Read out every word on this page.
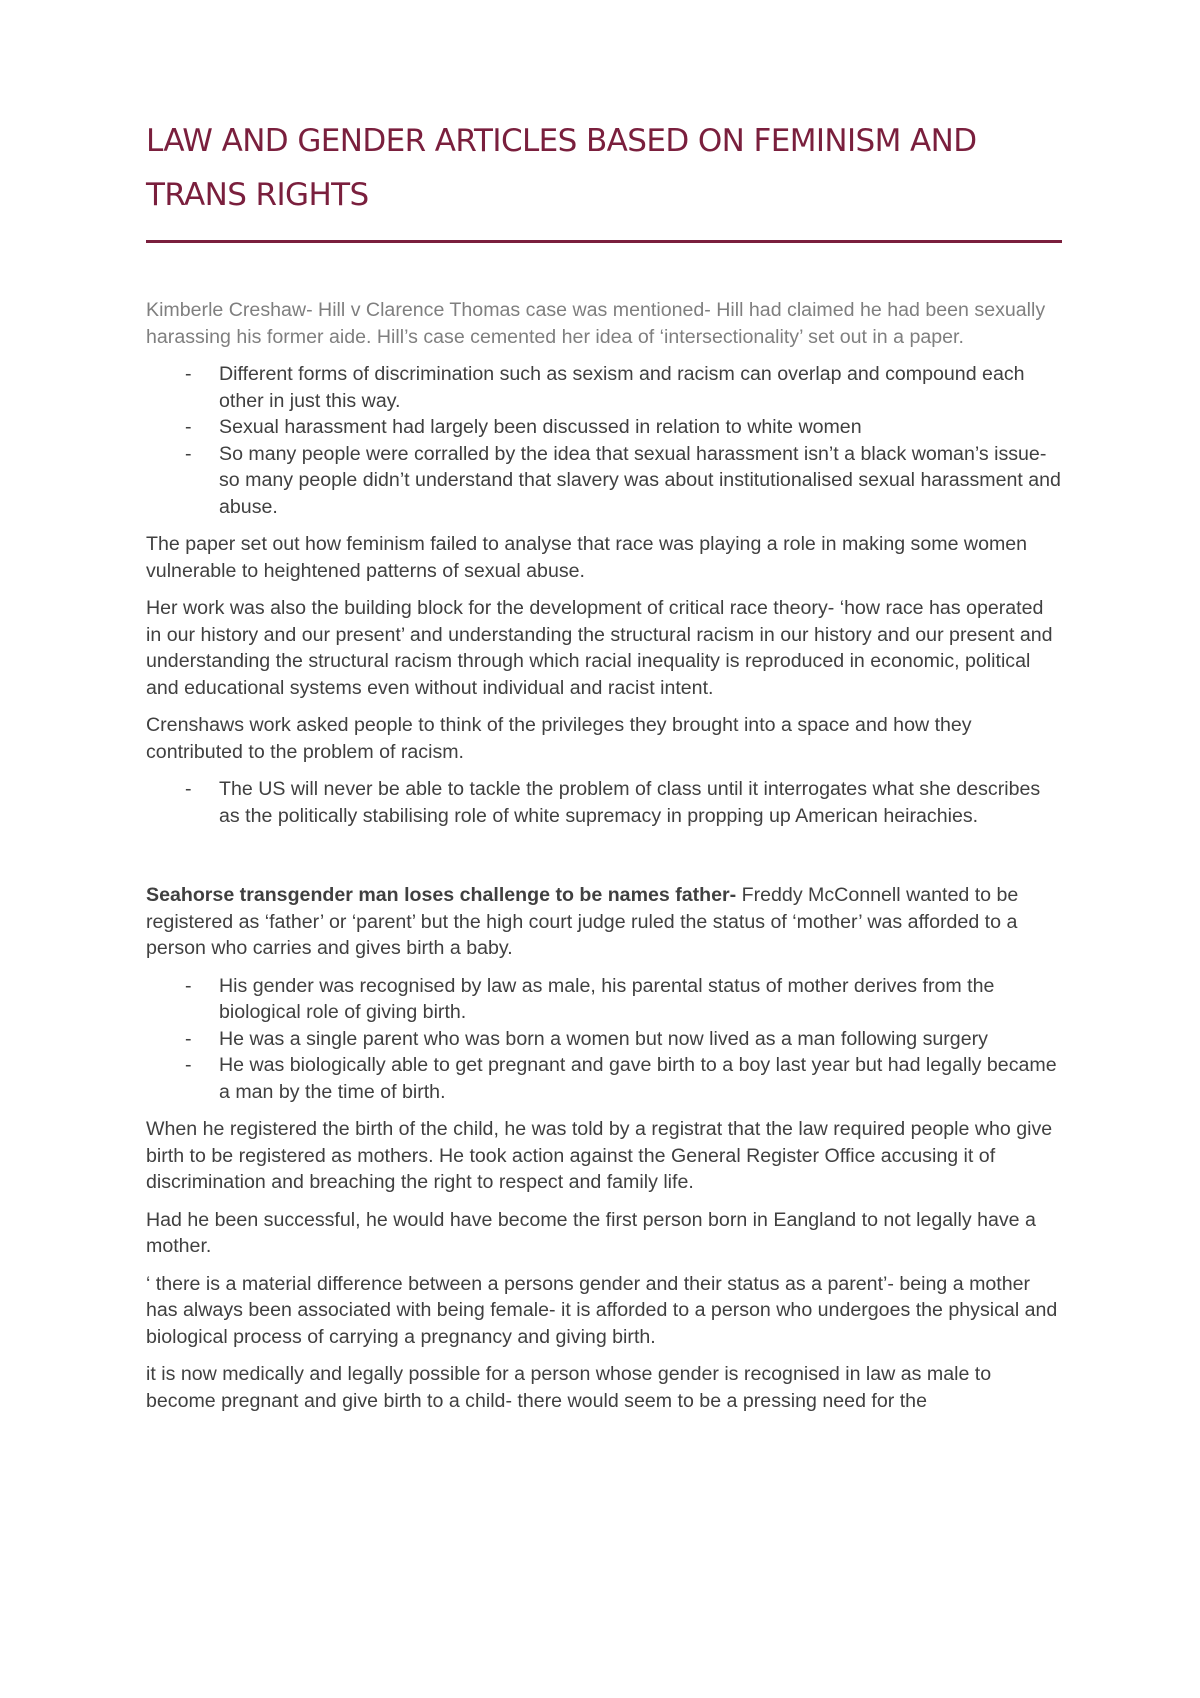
LAW AND GENDER ARTICLES BASED ON FEMINISM AND TRANS RIGHTS

Kimberle Creshaw- Hill v Clarence Thomas case was mentioned- Hill had claimed he had been sexually harassing his former aide. Hill’s case cemented her idea of ‘intersectionality’ set out in a paper.

- Different forms of discrimination such as sexism and racism can overlap and compound each other in just this way.
- Sexual harassment had largely been discussed in relation to white women
- So many people were corralled by the idea that sexual harassment isn’t a black woman’s issue- so many people didn’t understand that slavery was about institutionalised sexual harassment and abuse.

The paper set out how feminism failed to analyse that race was playing a role in making some women vulnerable to heightened patterns of sexual abuse.

Her work was also the building block for the development of critical race theory- ‘how race has operated in our history and our present’ and understanding the structural racism in our history and our present and understanding the structural racism through which racial inequality is reproduced in economic, political and educational systems even without individual and racist intent.

Crenshaws work asked people to think of the privileges they brought into a space and how they contributed to the problem of racism.

- The US will never be able to tackle the problem of class until it interrogates what she describes as the politically stabilising role of white supremacy in propping up American heirachies.

Seahorse transgender man loses challenge to be names father- Freddy McConnell wanted to be registered as ‘father’ or ‘parent’ but the high court judge ruled the status of ‘mother’ was afforded to a person who carries and gives birth a baby.

- His gender was recognised by law as male, his parental status of mother derives from the biological role of giving birth.
- He was a single parent who was born a women but now lived as a man following surgery
- He was biologically able to get pregnant and gave birth to a boy last year but had legally became a man by the time of birth.

When he registered the birth of the child, he was told by a registrat that the law required people who give birth to be registered as mothers. He took action against the General Register Office accusing it of discrimination and breaching the right to respect and family life.

Had he been successful, he would have become the first person born in Eangland to not legally have a mother.

‘ there is a material difference between a persons gender and their status as a parent’- being a mother has always been associated with being female- it is afforded to a person who undergoes the physical and biological process of carrying a pregnancy and giving birth.

it is now medically and legally possible for a person whose gender is recognised in law as male to become pregnant and give birth to a child- there would seem to be a pressing need for the
